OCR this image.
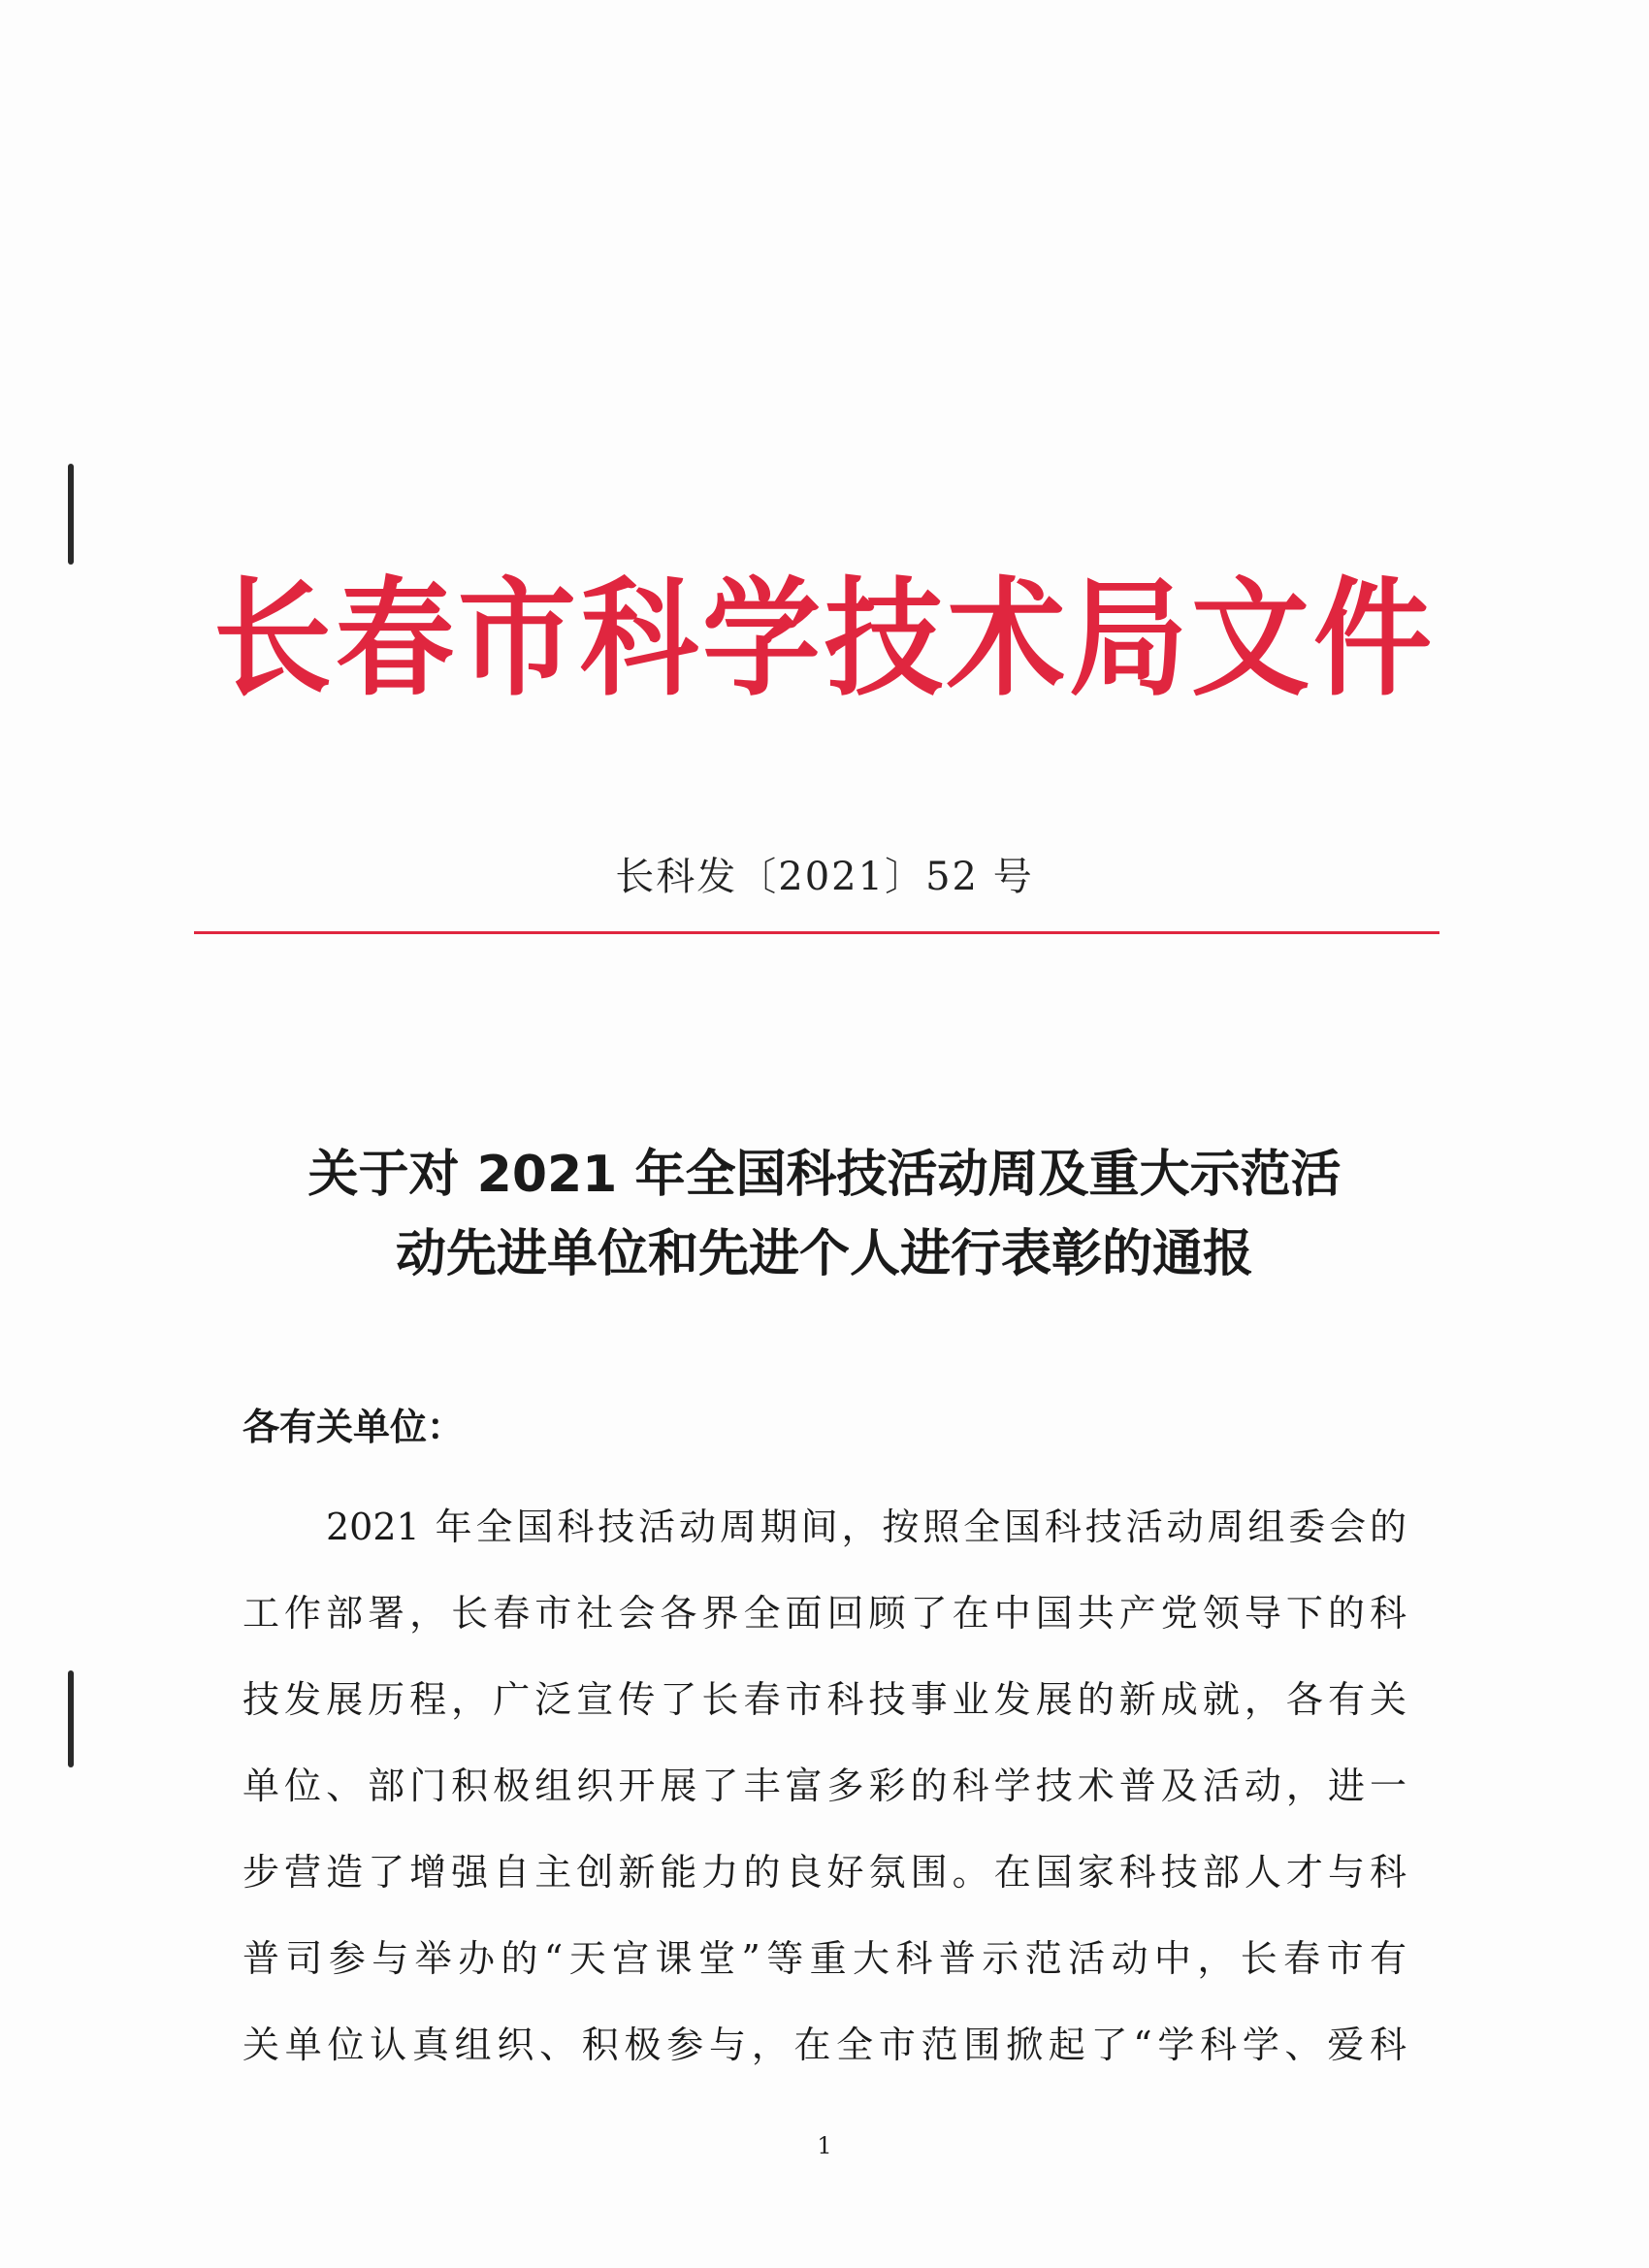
长春市科学技术局文件
长科发〔2021〕52 号
关于对 2021 年全国科技活动周及重大示范活
动先进单位和先进个人进行表彰的通报
各有关单位：
2021 年全国科技活动周期间，按照全国科技活动周组委会的
工作部署，长春市社会各界全面回顾了在中国共产党领导下的科
技发展历程，广泛宣传了长春市科技事业发展的新成就，各有关
单位、部门积极组织开展了丰富多彩的科学技术普及活动，进一
步营造了增强自主创新能力的良好氛围。在国家科技部人才与科
普司参与举办的“天宫课堂”等重大科普示范活动中，长春市有
关单位认真组织、积极参与，在全市范围掀起了“学科学、爱科
1
